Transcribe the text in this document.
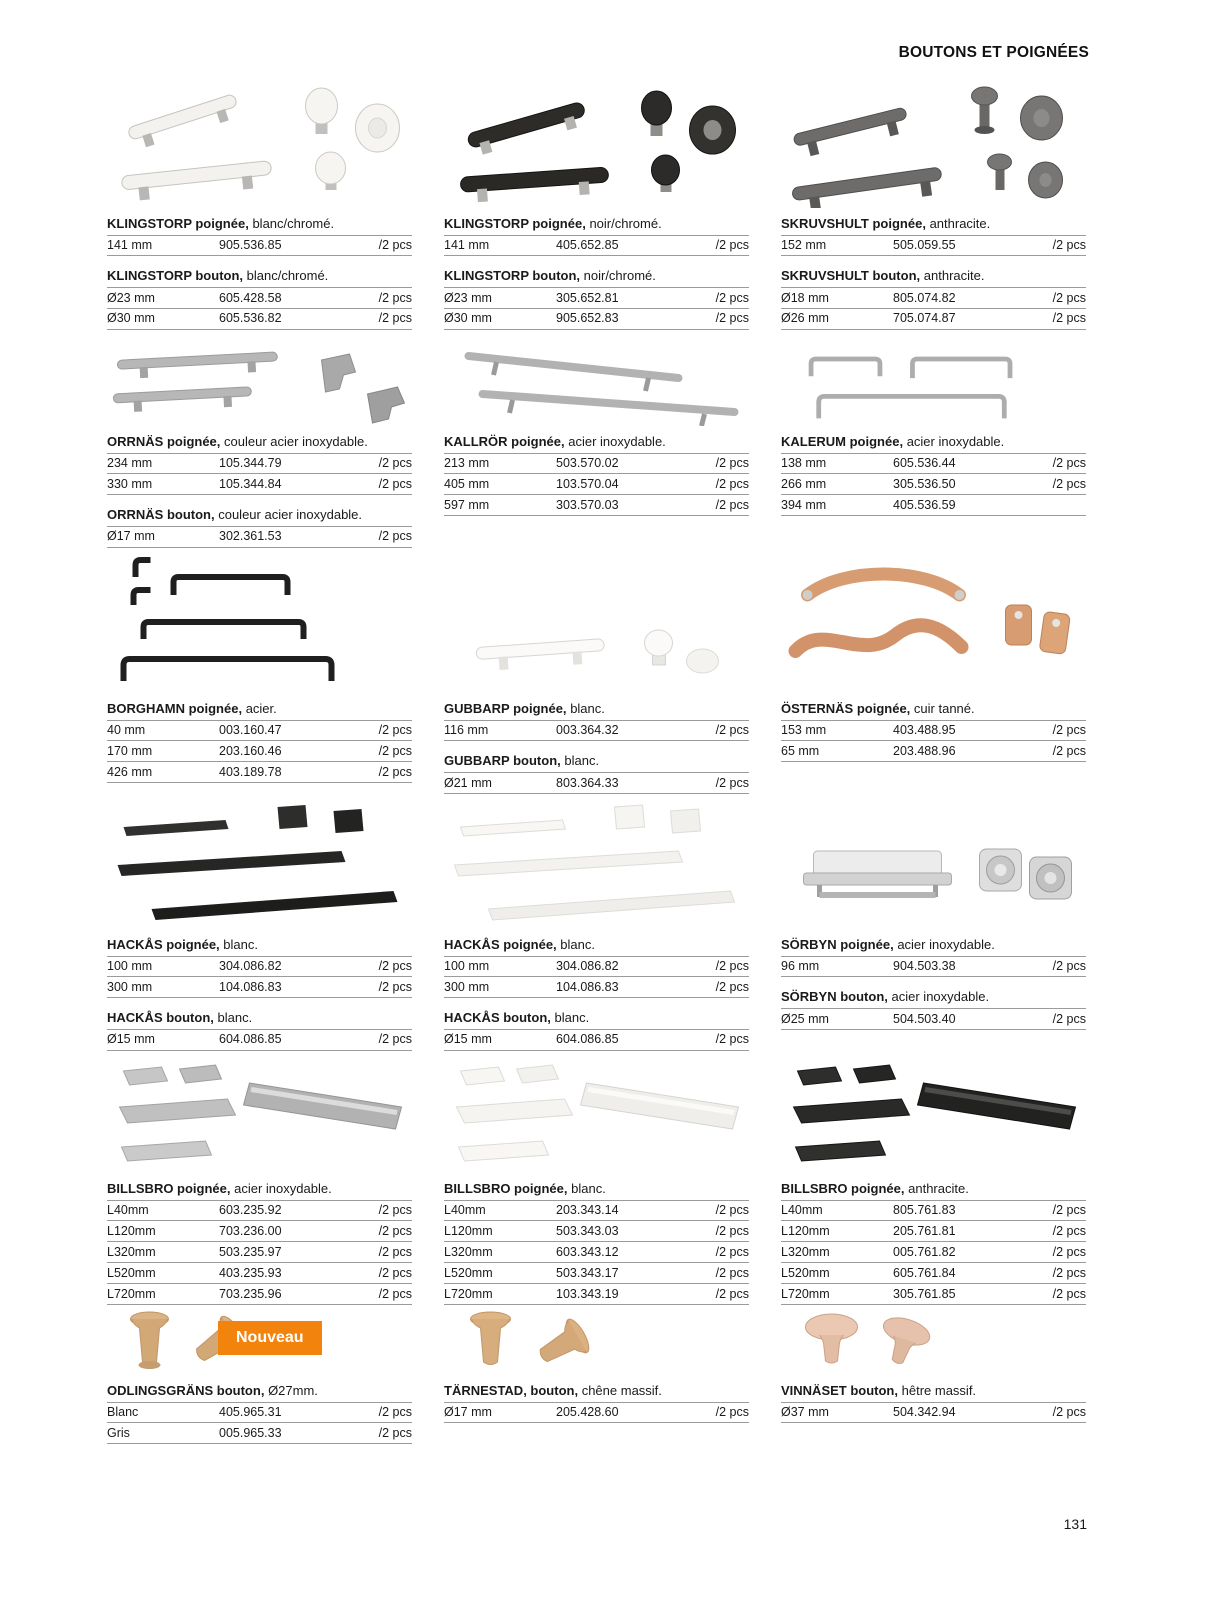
BOUTONS ET POIGNÉES
KLINGSTORP poignée, blanc/chromé.
141 mm	905.536.85	/2 pcs
KLINGSTORP bouton, blanc/chromé.
Ø23 mm	605.428.58	/2 pcs
Ø30 mm	605.536.82	/2 pcs
ORRNÄS poignée, couleur acier inoxydable.
234 mm	105.344.79	/2 pcs
330 mm	105.344.84	/2 pcs
ORRNÄS bouton, couleur acier inoxydable.
Ø17 mm	302.361.53	/2 pcs
BORGHAMN poignée, acier.
40 mm	003.160.47	/2 pcs
170 mm	203.160.46	/2 pcs
426 mm	403.189.78	/2 pcs
HACKÅS poignée, blanc.
100 mm	304.086.82	/2 pcs
300 mm	104.086.83	/2 pcs
HACKÅS bouton, blanc.
Ø15 mm	604.086.85	/2 pcs
BILLSBRO poignée, acier inoxydable.
L40mm	603.235.92	/2 pcs
L120mm	703.236.00	/2 pcs
L320mm	503.235.97	/2 pcs
L520mm	403.235.93	/2 pcs
L720mm	703.235.96	/2 pcs
Nouveau
ODLINGSGRÄNS bouton, Ø27mm.
Blanc	405.965.31	/2 pcs
Gris	005.965.33	/2 pcs
KLINGSTORP poignée, noir/chromé.
141 mm	405.652.85	/2 pcs
KLINGSTORP bouton, noir/chromé.
Ø23 mm	305.652.81	/2 pcs
Ø30 mm	905.652.83	/2 pcs
KALLRÖR poignée, acier inoxydable.
213 mm	503.570.02	/2 pcs
405 mm	103.570.04	/2 pcs
597 mm	303.570.03	/2 pcs
GUBBARP poignée, blanc.
116 mm	003.364.32	/2 pcs
GUBBARP bouton, blanc.
Ø21 mm	803.364.33	/2 pcs
HACKÅS poignée, blanc.
100 mm	304.086.82	/2 pcs
300 mm	104.086.83	/2 pcs
HACKÅS bouton, blanc.
Ø15 mm	604.086.85	/2 pcs
BILLSBRO poignée, blanc.
L40mm	203.343.14	/2 pcs
L120mm	503.343.03	/2 pcs
L320mm	603.343.12	/2 pcs
L520mm	503.343.17	/2 pcs
L720mm	103.343.19	/2 pcs
TÄRNESTAD, bouton, chêne massif.
Ø17 mm	205.428.60	/2 pcs
SKRUVSHULT poignée, anthracite.
152 mm	505.059.55	/2 pcs
SKRUVSHULT bouton, anthracite.
Ø18 mm	805.074.82	/2 pcs
Ø26 mm	705.074.87	/2 pcs
KALERUM poignée, acier inoxydable.
138 mm	605.536.44	/2 pcs
266 mm	305.536.50	/2 pcs
394 mm	405.536.59
ÖSTERNÄS poignée, cuir tanné.
153 mm	403.488.95	/2 pcs
65 mm	203.488.96	/2 pcs
SÖRBYN poignée, acier inoxydable.
96 mm	904.503.38	/2 pcs
SÖRBYN bouton, acier inoxydable.
Ø25 mm	504.503.40	/2 pcs
BILLSBRO poignée, anthracite.
L40mm	805.761.83	/2 pcs
L120mm	205.761.81	/2 pcs
L320mm	005.761.82	/2 pcs
L520mm	605.761.84	/2 pcs
L720mm	305.761.85	/2 pcs
VINNÄSET bouton, hêtre massif.
Ø37 mm	504.342.94	/2 pcs
131
